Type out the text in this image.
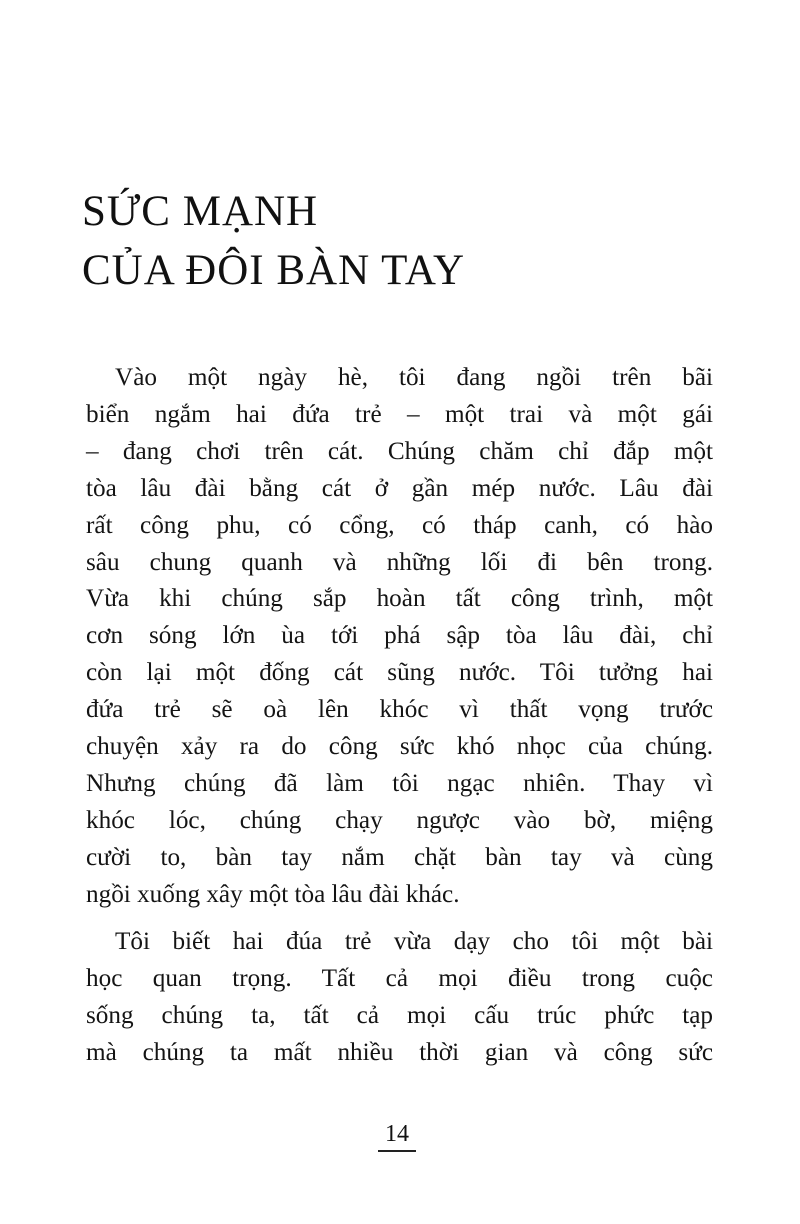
SỨC MẠNH
CỦA ĐÔI BÀN TAY
Vào một ngày hè, tôi đang ngồi trên bãi
biển ngắm hai đứa trẻ – một trai và một gái
– đang chơi trên cát. Chúng chăm chỉ đắp một
tòa lâu đài bằng cát ở gần mép nước. Lâu đài
rất công phu, có cổng, có tháp canh, có hào
sâu chung quanh và những lối đi bên trong.
Vừa khi chúng sắp hoàn tất công trình, một
cơn sóng lớn ùa tới phá sập tòa lâu đài, chỉ
còn lại một đống cát sũng nước. Tôi tưởng hai
đứa trẻ sẽ oà lên khóc vì thất vọng trước
chuyện xảy ra do công sức khó nhọc của chúng.
Nhưng chúng đã làm tôi ngạc nhiên. Thay vì
khóc lóc, chúng chạy ngược vào bờ, miệng
cười to, bàn tay nắm chặt bàn tay và cùng
ngồi xuống xây một tòa lâu đài khác.
Tôi biết hai đúa trẻ vừa dạy cho tôi một bài
học quan trọng. Tất cả mọi điều trong cuộc
sống chúng ta, tất cả mọi cấu trúc phức tạp
mà chúng ta mất nhiều thời gian và công sức
14
